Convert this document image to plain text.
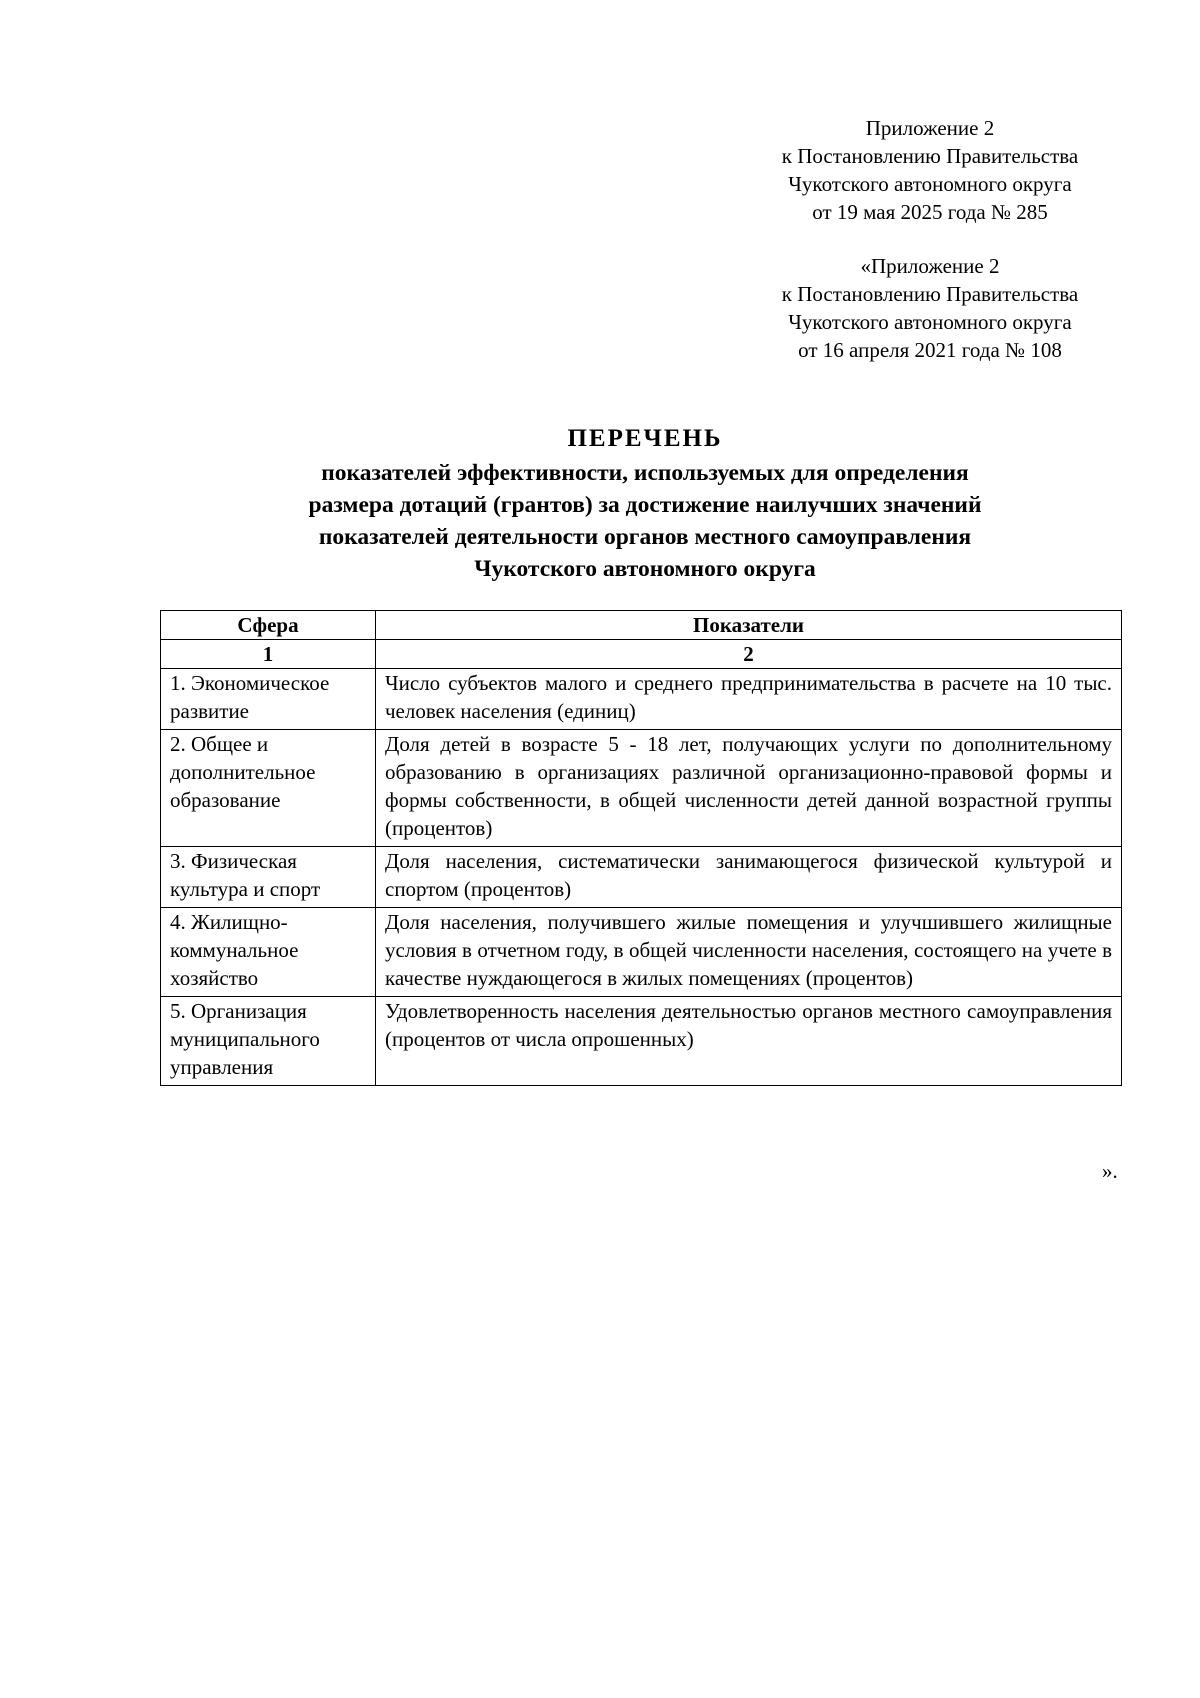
Приложение 2
к Постановлению Правительства
Чукотского автономного округа
от 19 мая 2025 года № 285
«Приложение 2
к Постановлению Правительства
Чукотского автономного округа
от 16 апреля 2021 года № 108
ПЕРЕЧЕНЬ
показателей эффективности, используемых для определения
размера дотаций (грантов) за достижение наилучших значений
показателей деятельности органов местного самоуправления
Чукотского автономного округа
Сфера	Показатели
1	2
1. Экономическое развитие	Число субъектов малого и среднего предпринимательства в расчете на 10 тыс. человек населения (единиц)
2. Общее и дополнительное образование	Доля детей в возрасте 5 - 18 лет, получающих услуги по дополнительному образованию в организациях различной организационно-правовой формы и формы собственности, в общей численности детей данной возрастной группы (процентов)
3. Физическая культура и спорт	Доля населения, систематически занимающегося физической культурой и спортом (процентов)
4. Жилищно-коммунальное хозяйство	Доля населения, получившего жилые помещения и улучшившего жилищные условия в отчетном году, в общей численности населения, состоящего на учете в качестве нуждающегося в жилых помещениях (процентов)
5. Организация муниципального управления	Удовлетворенность населения деятельностью органов местного самоуправления (процентов от числа опрошенных)
».
